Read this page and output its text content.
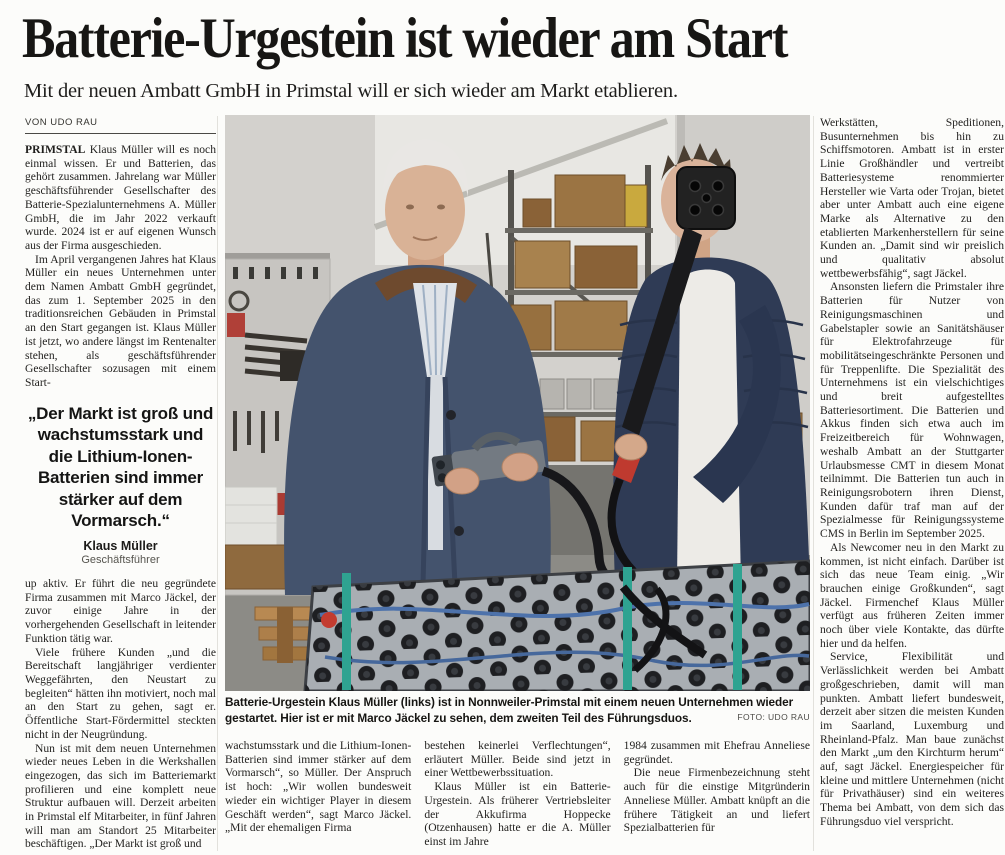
Batterie-Urgestein ist wieder am Start
Mit der neuen Ambatt GmbH in Primstal will er sich wieder am Markt etablieren.
VON UDO RAU

PRIMSTAL Klaus Müller will es noch einmal wissen. Er und Batterien, das gehört zusammen. Jahrelang war Müller geschäftsführender Gesellschafter des Batterie-Spezialunternehmens A. Müller GmbH, die im Jahr 2022 verkauft wurde. 2024 ist er auf eigenen Wunsch aus der Firma ausgeschieden.

Im April vergangenen Jahres hat Klaus Müller ein neues Unternehmen unter dem Namen Ambatt GmbH gegründet, das zum 1. September 2025 in den traditionsreichen Gebäuden in Primstal an den Start gegangen ist. Klaus Müller ist jetzt, wo andere längst im Rentenalter stehen, als geschäftsführender Gesellschafter sozusagen mit einem Start-

„Der Markt ist groß und wachstumsstark und die Lithium-Ionen-Batterien sind immer stärker auf dem Vormarsch.“
Klaus Müller
Geschäftsführer

up aktiv. Er führt die neu gegründete Firma zusammen mit Marco Jäckel, der zuvor einige Jahre in der vorhergehenden Gesellschaft in leitender Funktion tätig war.

Viele frühere Kunden „und die Bereitschaft langjähriger verdienter Weggefährten, den Neustart zu begleiten“ hätten ihn motiviert, noch mal an den Start zu gehen, sagt er. Öffentliche Start-Fördermittel steckten nicht in der Neugründung.

Nun ist mit dem neuen Unternehmen wieder neues Leben in die Werkshallen eingezogen, das sich im Batteriemarkt profilieren und eine komplett neue Struktur aufbauen will. Derzeit arbeiten in Primstal elf Mitarbeiter, in fünf Jahren will man am Standort 25 Mitarbeiter beschäftigen. „Der Markt ist groß und

Batterie-Urgestein Klaus Müller (links) ist in Nonnweiler-Primstal mit einem neuen Unternehmen wieder gestartet. Hier ist er mit Marco Jäckel zu sehen, dem zweiten Teil des Führungsduos.	FOTO: UDO RAU

wachstumsstark und die Lithium-Ionen-Batterien sind immer stärker auf dem Vormarsch“, so Müller. Der Anspruch ist hoch: „Wir wollen bundesweit wieder ein wichtiger Player in diesem Geschäft werden“, sagt Marco Jäckel. „Mit der ehemaligen Firma

bestehen keinerlei Verflechtungen“, erläutert Müller. Beide sind jetzt in einer Wettbewerbssituation.

Klaus Müller ist ein Batterie-Urgestein. Als früherer Vertriebsleiter der Akkufirma Hoppecke (Otzenhausen) hatte er die A. Müller einst im Jahre

1984 zusammen mit Ehefrau Anneliese gegründet.

Die neue Firmenbezeichnung steht auch für die einstige Mitgründerin Anneliese Müller. Ambatt knüpft an die frühere Tätigkeit an und liefert Spezialbatterien für

Werkstätten, Speditionen, Busunternehmen bis hin zu Schiffsmotoren. Ambatt ist in erster Linie Großhändler und vertreibt Batteriesysteme renommierter Hersteller wie Varta oder Trojan, bietet aber unter Ambatt auch eine eigene Marke als Alternative zu den etablierten Markenherstellern für seine Kunden an. „Damit sind wir preislich und qualitativ absolut wettbewerbsfähig“, sagt Jäckel.

Ansonsten liefern die Primstaler ihre Batterien für Nutzer von Reinigungsmaschinen und Gabelstapler sowie an Sanitätshäuser für Elektrofahrzeuge für mobilitätseingeschränkte Personen und für Treppenlifte. Die Spezialität des Unternehmens ist ein vielschichtiges und breit aufgestelltes Batteriesortiment. Die Batterien und Akkus finden sich etwa auch im Freizeitbereich für Wohnwagen, weshalb Ambatt an der Stuttgarter Urlaubsmesse CMT in diesem Monat teilnimmt. Die Batterien tun auch in Reinigungsrobotern ihren Dienst, Kunden dafür traf man auf der Spezialmesse für Reinigungssysteme CMS in Berlin im September 2025.

Als Newcomer neu in den Markt zu kommen, ist nicht einfach. Darüber ist sich das neue Team einig. „Wir brauchen einige Großkunden“, sagt Jäckel. Firmenchef Klaus Müller verfügt aus früheren Zeiten immer noch über viele Kontakte, das dürfte hier und da helfen.

Service, Flexibilität und Verlässlichkeit werden bei Ambatt großgeschrieben, damit will man punkten. Ambatt liefert bundesweit, derzeit aber sitzen die meisten Kunden im Saarland, Luxemburg und Rheinland-Pfalz. Man baue zunächst den Markt „um den Kirchturm herum“ auf, sagt Jäckel. Energiespeicher für kleine und mittlere Unternehmen (nicht für Privathäuser) sind ein weiteres Thema bei Ambatt, von dem sich das Führungsduo viel verspricht.
